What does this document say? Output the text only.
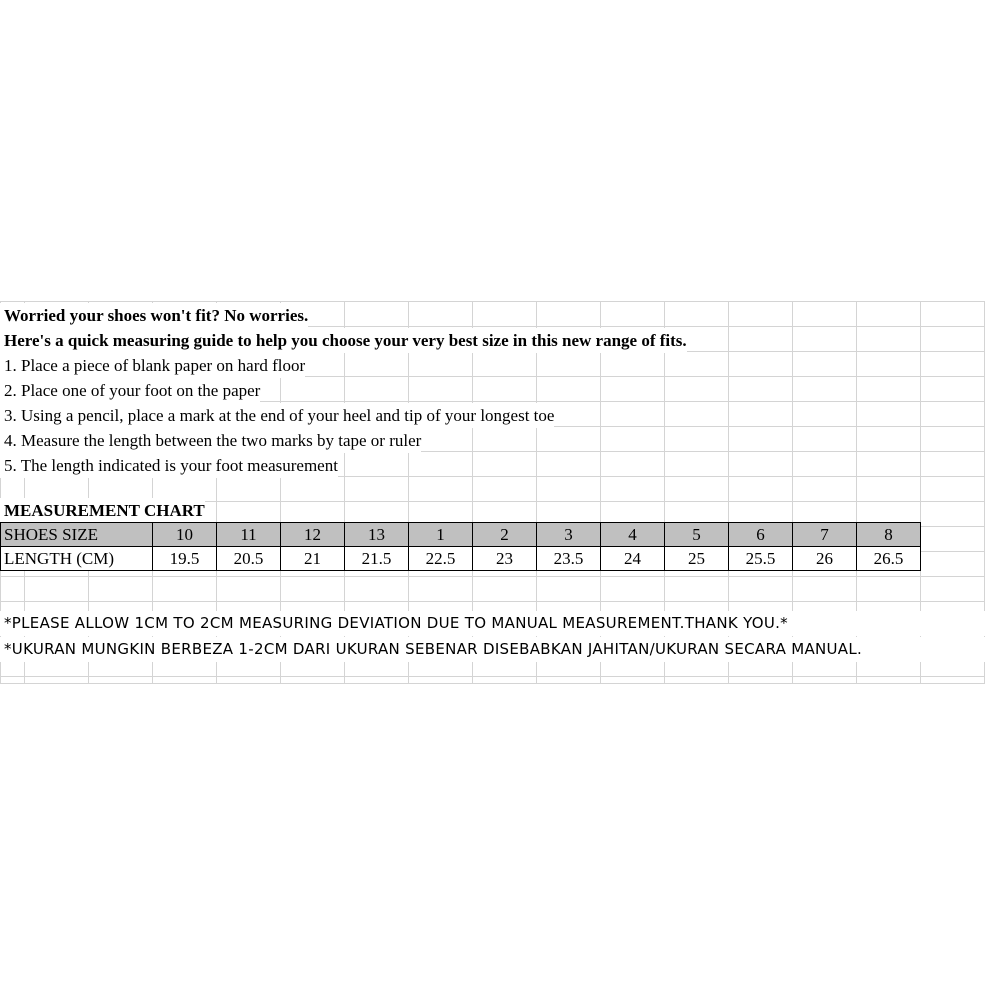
Worried your shoes won't fit? No worries.
Here's a quick measuring guide to help you choose your very best size in this new range of fits.
1. Place a piece of blank paper on hard floor
2. Place one of your foot on the paper
3. Using a pencil, place a mark at the end of your heel and tip of your longest toe
4. Measure the length between the two marks by tape or ruler
5. The length indicated is your foot measurement
MEASUREMENT CHART
SHOES SIZE	10	11	12	13	1	2	3	4	5	6	7	8
LENGTH (CM)	19.5	20.5	21	21.5	22.5	23	23.5	24	25	25.5	26	26.5
*PLEASE ALLOW 1CM TO 2CM MEASURING DEVIATION DUE TO MANUAL MEASUREMENT.THANK YOU.*
*UKURAN MUNGKIN BERBEZA 1-2CM DARI UKURAN SEBENAR DISEBABKAN JAHITAN/UKURAN SECARA MANUAL.
